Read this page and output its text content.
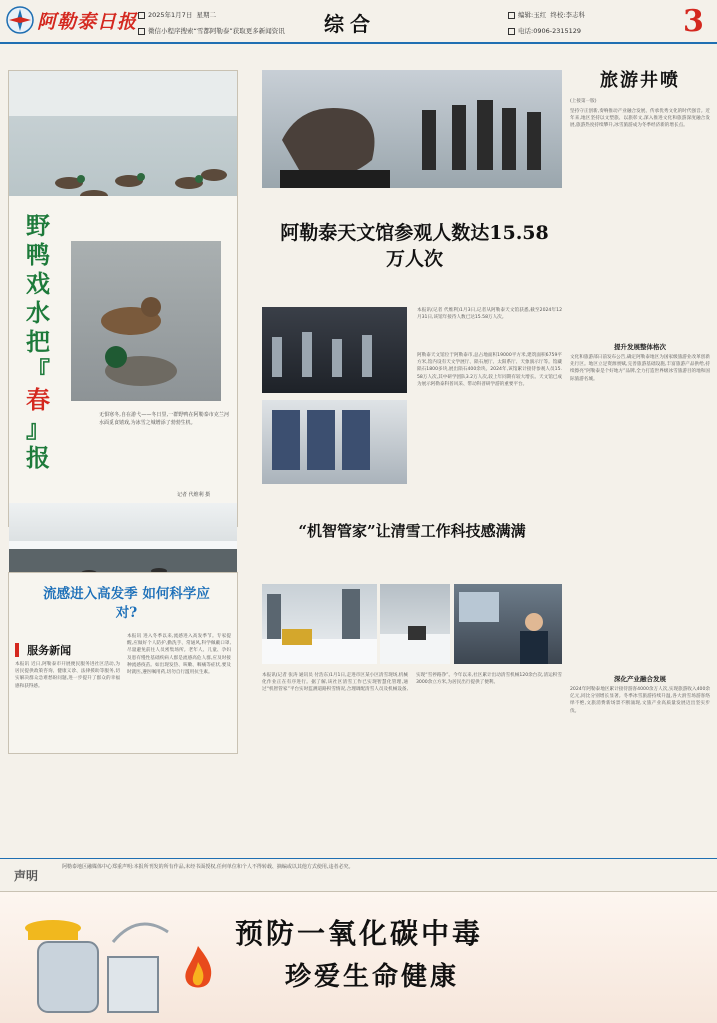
阿勒泰日报	2025年1月7日 星期二
微信小程序搜索“雪都阿勒泰”获取更多新闻资讯 综合	编辑:玉红 终校:李志科
电话:0906-2315129	3
野
鸭
戏
水
把
『
春
』
报
无惧寒冬,自在游弋——冬日里,一群野鸭在阿勒泰市克兰河水面觅食嬉戏,为冰雪之城增添了勃勃生机。
记者 代维利 摄
阿勒泰天文馆参观人数达15.58万人次
本报讯(记者 代维利)1月3日,记者从阿勒泰天文馆获悉,截至2024年12月31日,该馆年接待人数已达15.58万人次。
阿勒泰天文馆位于阿勒泰市,总占地面积19000平方米,建筑面积6759平方米,馆内设有天文学展厅、陨石展厅、太阳系厅、天象演示厅等。馆藏陨石1800多块,展出陨石400余块。2024年,该馆累计接待参观人员15.58万人次,其中研学团队3.2万人次,较上年同期有较大增长。天文馆已成为展示阿勒泰科普风采、带动科普研学游的重要平台。
“机智管家”让清雪工作科技感满满
本报讯(记者 张涛 通讯员 付浩东)1月1日,走进市区某小区清雪现场,机械化作业正在有序进行。据了解,该社区清雪工作已实现智慧化管理,通过“机智管家”平台实时监测道路积雪情况,合理调配清雪人员及机械设备,实现“雪停路净”。今年以来,社区累计出动清雪机械120余台次,清运积雪3000余立方米,为居民出行提供了便利。
流感进入高发季 如何科学应对?
服务新闻
本报讯 近日,阿勒泰市开展便民服务进社区活动,为居民提供政策咨询、健康义诊、法律援助等服务,切实解决群众急难愁盼问题,进一步提升了群众的幸福感和获得感。
本报讯 进入冬季以来,流感进入高发季节。专家提醒,应做好个人防护,勤洗手、常通风,科学佩戴口罩,尽量避免前往人员密集场所。老年人、儿童、孕妇及患有慢性基础疾病人群是流感高危人群,应及时接种流感疫苗。如出现发热、咳嗽、咽痛等症状,要及时就医,遵医嘱用药,切勿自行滥用抗生素。
旅游井喷
(上接第一版)
坚持守正创新,奏响推动产业融合发展、传承优秀文化的时代强音。近年来,地区坚持以文塑旅、以旅彰文,深入推进文化和旅游深度融合发展,旅游热度持续攀升,冰雪旅游成为冬季经济新的增长点。
提升发展整体格次
文化和旅游部日前发布公告,确定阿勒泰地区为国家级旅游业改革创新先行区。地区立足资源禀赋,完善旅游基础设施,丰富旅游产品供给,持续擦亮“阿勒泰是个好地方”品牌,全力打造世界级冰雪旅游目的地和国际旅游名城。
深化产业融合发展
2024年阿勒泰地区累计接待游客4000余万人次,实现旅游收入400余亿元,同比分别增长显著。冬季冰雪旅游持续升温,各大滑雪场游客络绎不绝,文旅消费新场景不断涌现,文旅产业高质量发展迈出坚实步伐。
声明
阿勒泰地区融媒体中心郑重声明:本报所刊发的所有作品,未经书面授权,任何单位和个人不得转载、摘编或以其他方式使用,违者必究。
预防一氧化碳中毒
珍爱生命健康
